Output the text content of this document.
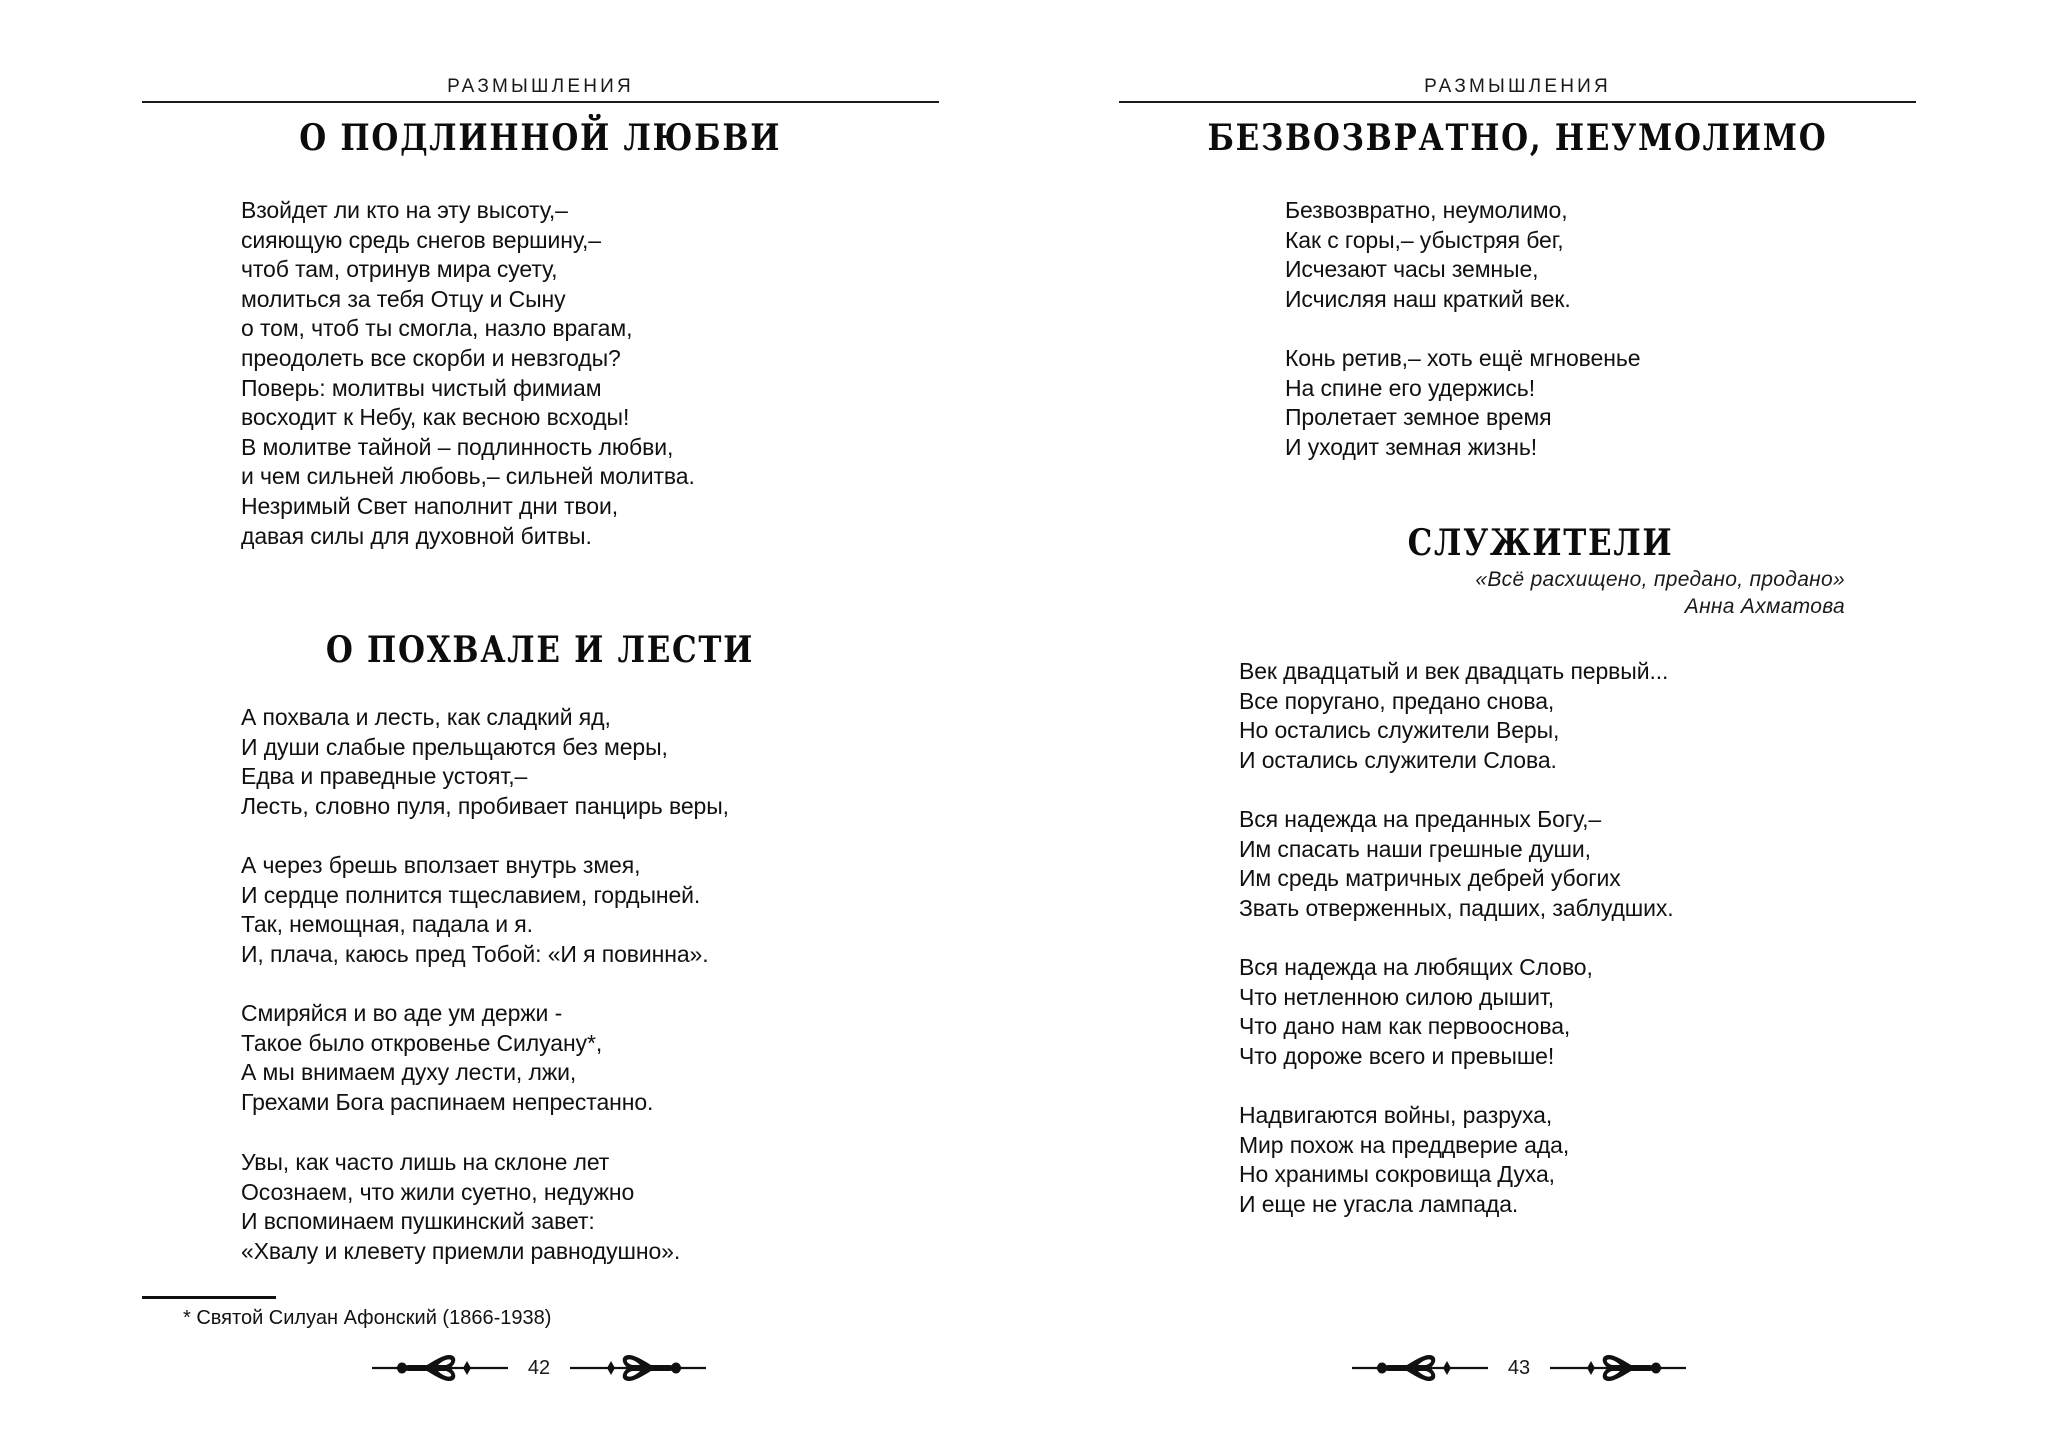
РАЗМЫШЛЕНИЯ
О ПОДЛИННОЙ ЛЮБВИ
Взойдет ли кто на эту высоту,–
сияющую средь снегов вершину,–
чтоб там, отринув мира суету,
молиться за тебя Отцу и Сыну
о том, чтоб ты смогла, назло врагам,
преодолеть все скорби и невзгоды?
Поверь: молитвы чистый фимиам
восходит к Небу, как весною всходы!
В молитве тайной – подлинность любви,
и чем сильней любовь,– сильней молитва.
Незримый Свет наполнит дни твои,
давая силы для духовной битвы.
О ПОХВАЛЕ И ЛЕСТИ
А похвала и лесть, как сладкий яд,
И души слабые прельщаются без меры,
Едва и праведные устоят,–
Лесть, словно пуля, пробивает панцирь веры,
А через брешь вползает внутрь змея,
И сердце полнится тщеславием, гордыней.
Так, немощная, падала и я.
И, плача, каюсь пред Тобой: «И я повинна».
Смиряйся и во аде ум держи -
Такое было откровенье Силуану*,
А мы внимаем духу лести, лжи,
Грехами Бога распинаем непрестанно.
Увы, как часто лишь на склоне лет
Осознаем, что жили суетно, недужно
И вспоминаем пушкинский завет:
«Хвалу и клевету приемли равнодушно».
* Святой Силуан Афонский (1866-1938)
42
РАЗМЫШЛЕНИЯ
БЕЗВОЗВРАТНО, НЕУМОЛИМО
Безвозвратно, неумолимо,
Как с горы,– убыстряя бег,
Исчезают часы земные,
Исчисляя наш краткий век.
Конь ретив,– хоть ещё мгновенье
На спине его удержись!
Пролетает земное время
И уходит земная жизнь!
СЛУЖИТЕЛИ
«Всё расхищено, предано, продано»
Анна Ахматова
Век двадцатый и век двадцать первый...
Все поругано, предано снова,
Но остались служители Веры,
И остались служители Слова.
Вся надежда на преданных Богу,–
Им спасать наши грешные души,
Им средь матричных дебрей убогих
Звать отверженных, падших, заблудших.
Вся надежда на любящих Слово,
Что нетленною силою дышит,
Что дано нам как первооснова,
Что дороже всего и превыше!
Надвигаются войны, разруха,
Мир похож на преддверие ада,
Но хранимы сокровища Духа,
И еще не угасла лампада.
43
